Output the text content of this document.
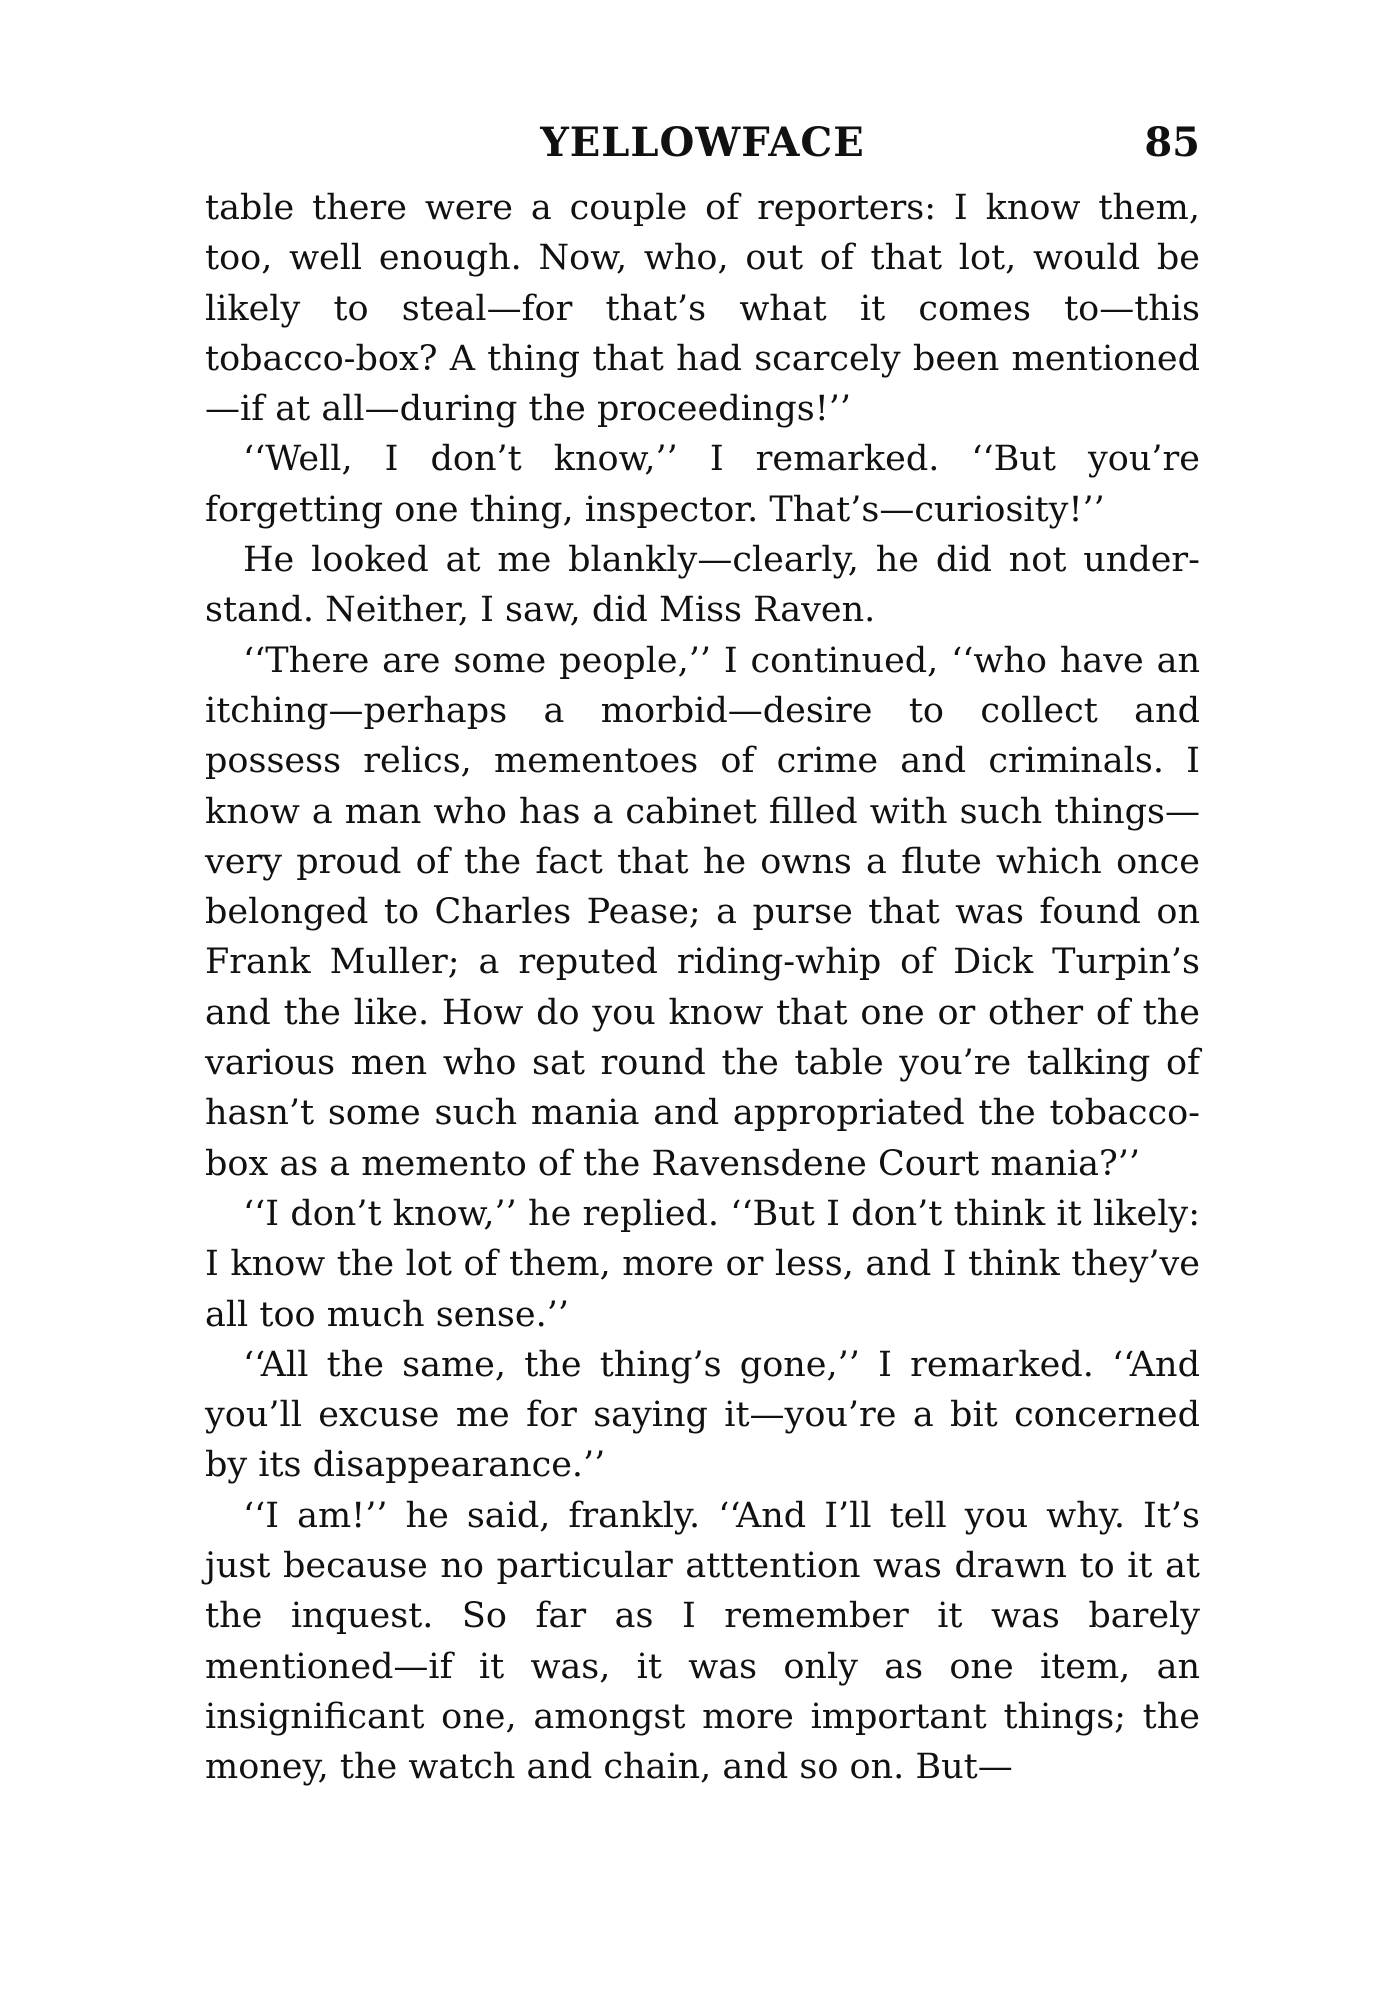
YELLOWFACE	85

table there were a couple of reporters: I know them, too, well enough. Now, who, out of that lot, would be likely to steal—for that’s what it comes to—this tobacco-box? A thing that had scarcely been mentioned—if at all—during the proceedings!’’

‘‘Well, I don’t know,’’ I remarked. ‘‘But you’re forgetting one thing, inspector. That’s—curiosity!’’

He looked at me blankly—clearly, he did not understand. Neither, I saw, did Miss Raven.

‘‘There are some people,’’ I continued, ‘‘who have an itching—perhaps a morbid—desire to collect and possess relics, mementoes of crime and criminals. I know a man who has a cabinet filled with such things—very proud of the fact that he owns a flute which once belonged to Charles Pease; a purse that was found on Frank Muller; a reputed riding-whip of Dick Turpin’s and the like. How do you know that one or other of the various men who sat round the table you’re talking of hasn’t some such mania and appropriated the tobacco-box as a memento of the Ravensdene Court mania?’’

‘‘I don’t know,’’ he replied. ‘‘But I don’t think it likely: I know the lot of them, more or less, and I think they’ve all too much sense.’’

‘‘All the same, the thing’s gone,’’ I remarked. ‘‘And you’ll excuse me for saying it—you’re a bit concerned by its disappearance.’’

‘‘I am!’’ he said, frankly. ‘‘And I’ll tell you why. It’s just because no particular atttention was drawn to it at the inquest. So far as I remember it was barely mentioned—if it was, it was only as one item, an insignificant one, amongst more important things; the money, the watch and chain, and so on. But—
